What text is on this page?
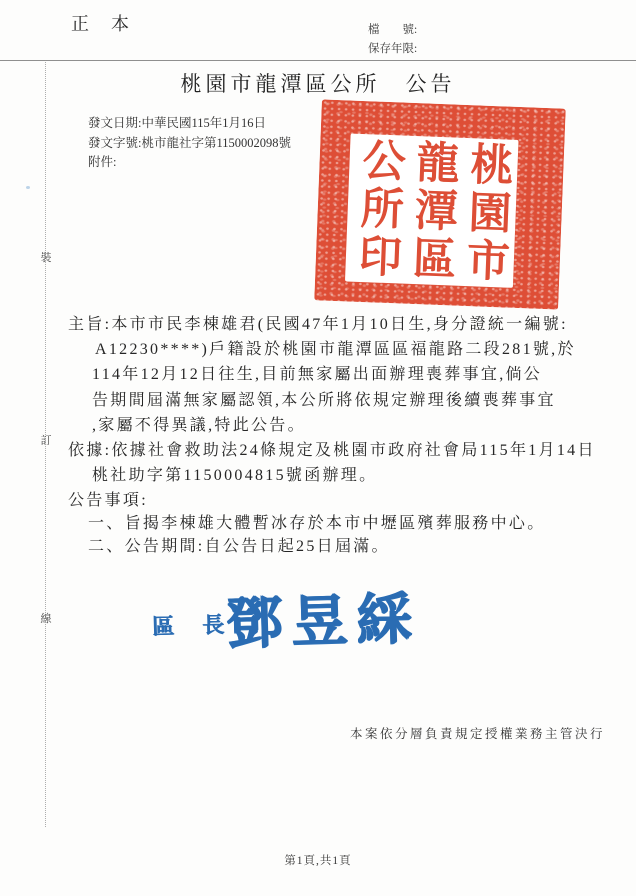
正　本	檔　　號:
保存年限:
桃園市龍潭區公所　公告
發文日期:中華民國115年1月16日
發文字號:桃市龍社字第1150002098號
附件:
裝
訂
線
桃園市
龍潭區
公所印
主旨:本市市民李棟雄君(民國47年1月10日生,身分證統一編號:
A12230****)戶籍設於桃園市龍潭區區福龍路二段281號,於
114年12月12日往生,目前無家屬出面辦理喪葬事宜,倘公
告期間屆滿無家屬認領,本公所將依規定辦理後續喪葬事宜
,家屬不得異議,特此公告。
依據:依據社會救助法24條規定及桃園市政府社會局115年1月14日
桃社助字第1150004815號函辦理。
公告事項:
一、旨揭李棟雄大體暫冰存於本市中壢區殯葬服務中心。
二、公告期間:自公告日起25日屆滿。
區　長
鄧昱綵
本案依分層負責規定授權業務主管決行
第1頁,共1頁
